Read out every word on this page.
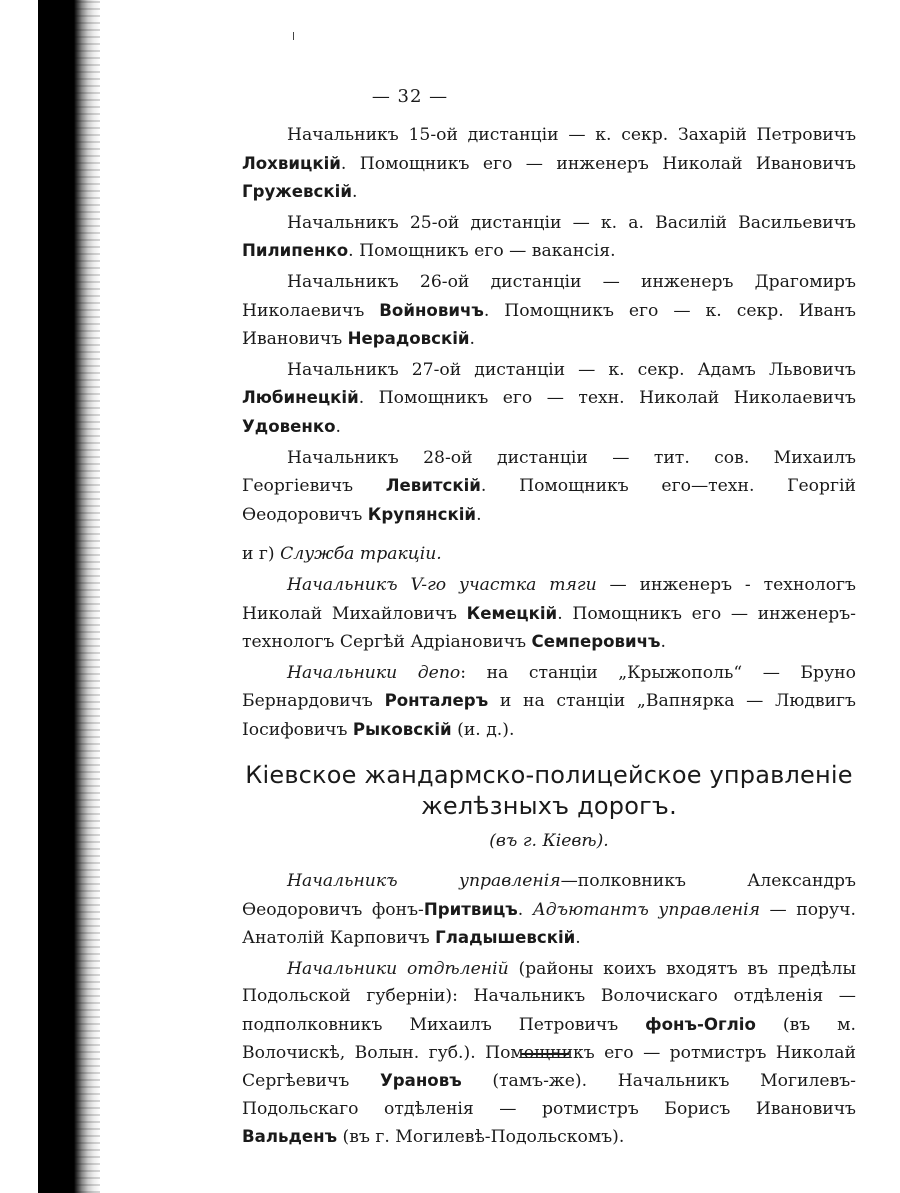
— 32 —

Начальникъ 15-ой дистанціи — к. секр. Захарій Петровичъ Лохвицкій. Помощникъ его — инженеръ Николай Ивановичъ Гружевскій.

Начальникъ 25-ой дистанціи — к. а. Василій Васильевичъ Пилипенко. Помощникъ его — вакансія.

Начальникъ 26-ой дистанціи — инженеръ Драгомиръ Николаевичъ Войновичъ. Помощникъ его — к. секр. Иванъ Ивановичъ Нерадовскій.

Начальникъ 27-ой дистанціи — к. секр. Адамъ Львовичъ Любинецкій. Помощникъ его — техн. Николай Николаевичъ Удовенко.

Начальникъ 28-ой дистанціи — тит. сов. Михаилъ Георгіевичъ Левитскій. Помощникъ его—техн. Георгій Өеодоровичъ Крупянскій.

и г) Служба тракціи.

Начальникъ V-го участка тяги — инженеръ - технологъ Николай Михайловичъ Кемецкій. Помощникъ его — инженеръ-технологъ Сергѣй Адріановичъ Семперовичъ.

Начальники депо: на станціи „Крыжополь“ — Бруно Бернардовичъ Ронталеръ и на станціи „Вапнярка — Людвигъ Іосифовичъ Рыковскій (и. д.).

Кіевское жандармско-полицейское управленіе желѣзныхъ дорогъ.

(въ г. Кіевѣ).

Начальникъ управленія—полковникъ Александръ Өеодоровичъ фонъ-Притвицъ. Адъютантъ управленія — поруч. Анатолій Карповичъ Гладышевскій.

Начальники отдѣленій (районы коихъ входятъ въ предѣлы Подольской губерніи): Начальникъ Волочискаго отдѣленія — подполковникъ Михаилъ Петровичъ фонъ-Огліо (въ м. Волочискѣ, Волын. губ.). Помощникъ его — ротмистръ Николай Сергѣевичъ Урановъ (тамъ-же). Начальникъ Могилевъ-Подольскаго отдѣленія — ротмистръ Борисъ Ивановичъ Вальденъ (въ г. Могилевѣ-Подольскомъ).
